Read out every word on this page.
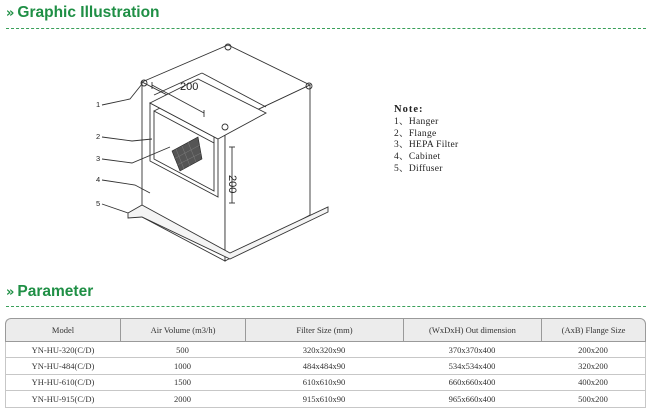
» Graphic Illustration
200
200
1
2
3
4
5
Note:
1、Hanger
2、Flange
3、HEPA Filter
4、Cabinet
5、Diffuser
» Parameter
Model	Air Volume (m3/h)	Filter Size (mm)	(WxDxH) Out dimension	(AxB) Flange Size
YN-HU-320(C/D)	500	320x320x90	370x370x400	200x200
YN-HU-484(C/D)	1000	484x484x90	534x534x400	320x200
YH-HU-610(C/D)	1500	610x610x90	660x660x400	400x200
YN-HU-915(C/D)	2000	915x610x90	965x660x400	500x200
